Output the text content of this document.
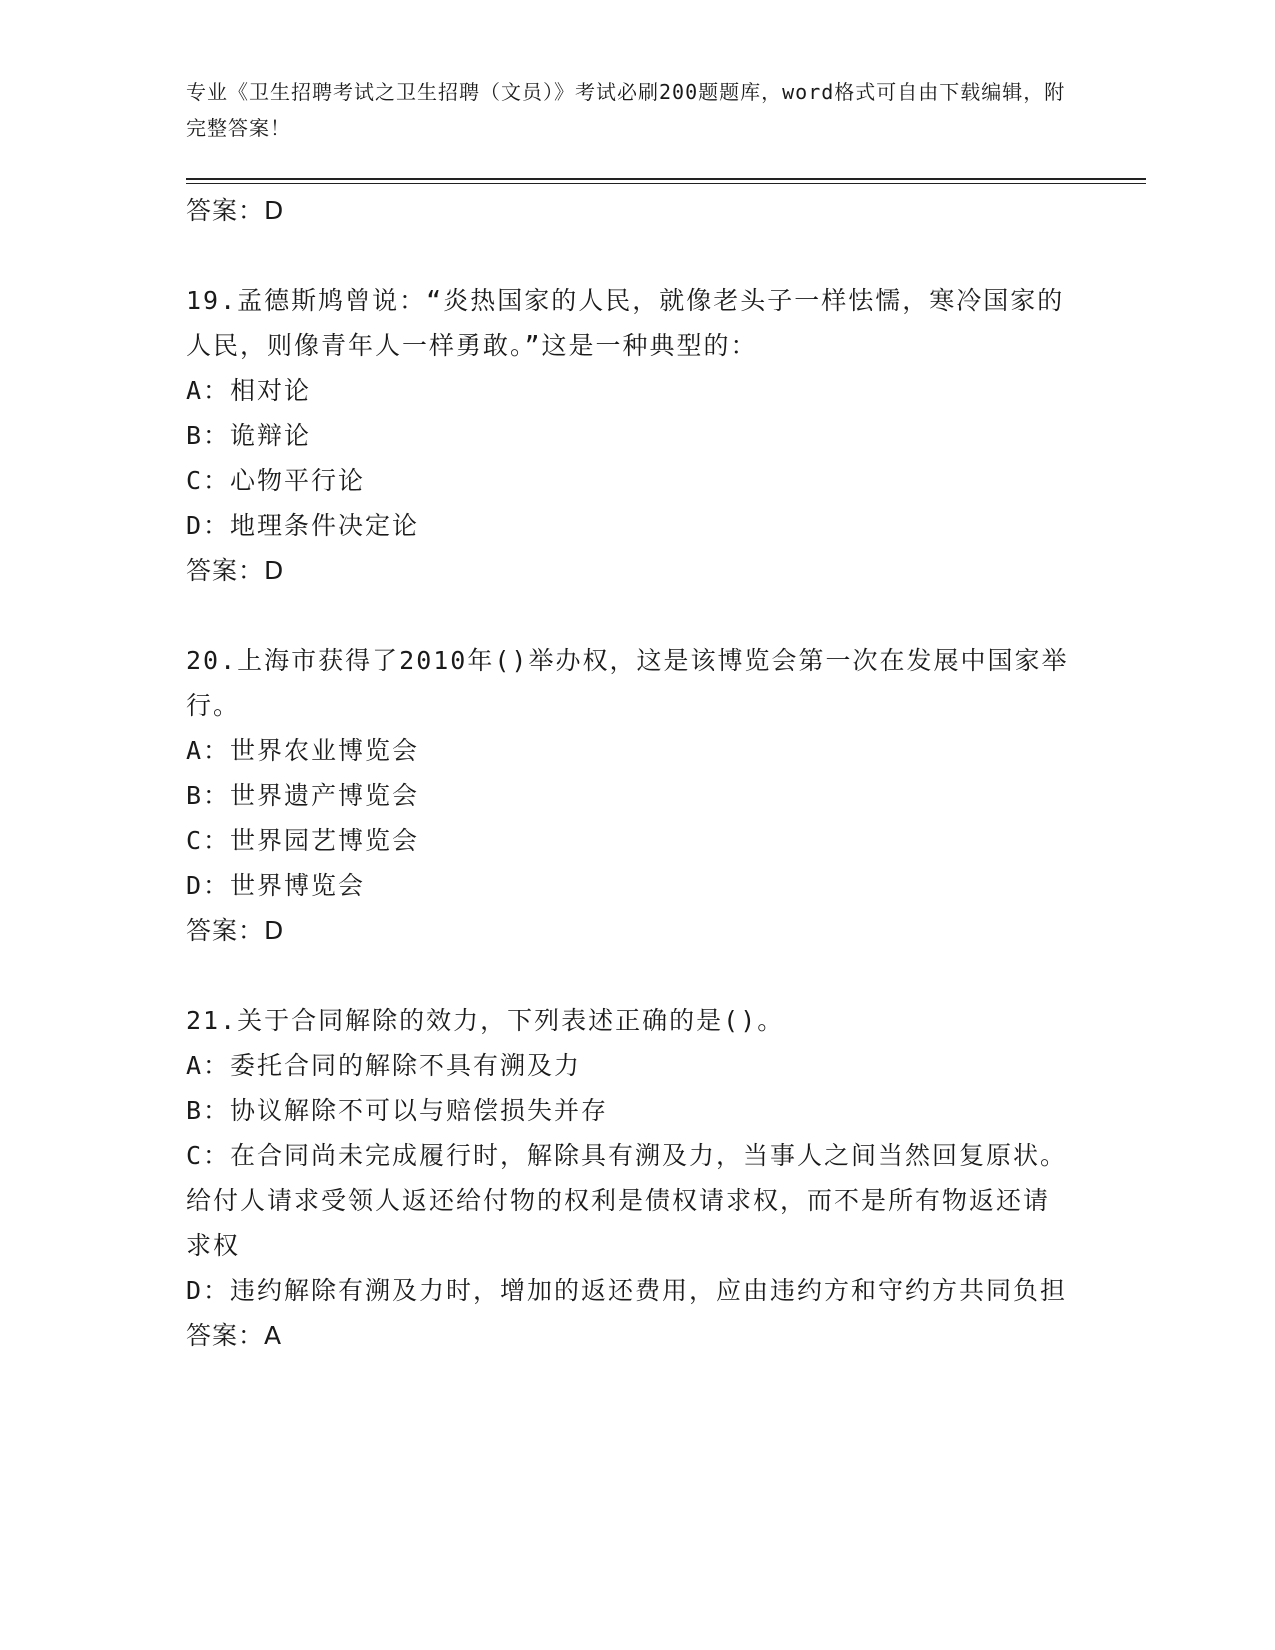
专业《卫生招聘考试之卫生招聘（文员）》考试必刷200题题库，word格式可自由下载编辑，附完整答案！

答案：D

19.孟德斯鸠曾说：“炎热国家的人民，就像老头子一样怯懦，寒冷国家的人民，则像青年人一样勇敢。”这是一种典型的：

A：相对论

B：诡辩论

C：心物平行论

D：地理条件决定论

答案：D

20.上海市获得了2010年()举办权，这是该博览会第一次在发展中国家举行。

A：世界农业博览会

B：世界遗产博览会

C：世界园艺博览会

D：世界博览会

答案：D

21.关于合同解除的效力，下列表述正确的是()。

A：委托合同的解除不具有溯及力

B：协议解除不可以与赔偿损失并存

C：在合同尚未完成履行时，解除具有溯及力，当事人之间当然回复原状。给付人请求受领人返还给付物的权利是债权请求权，而不是所有物返还请求权

D：违约解除有溯及力时，增加的返还费用，应由违约方和守约方共同负担

答案：A
